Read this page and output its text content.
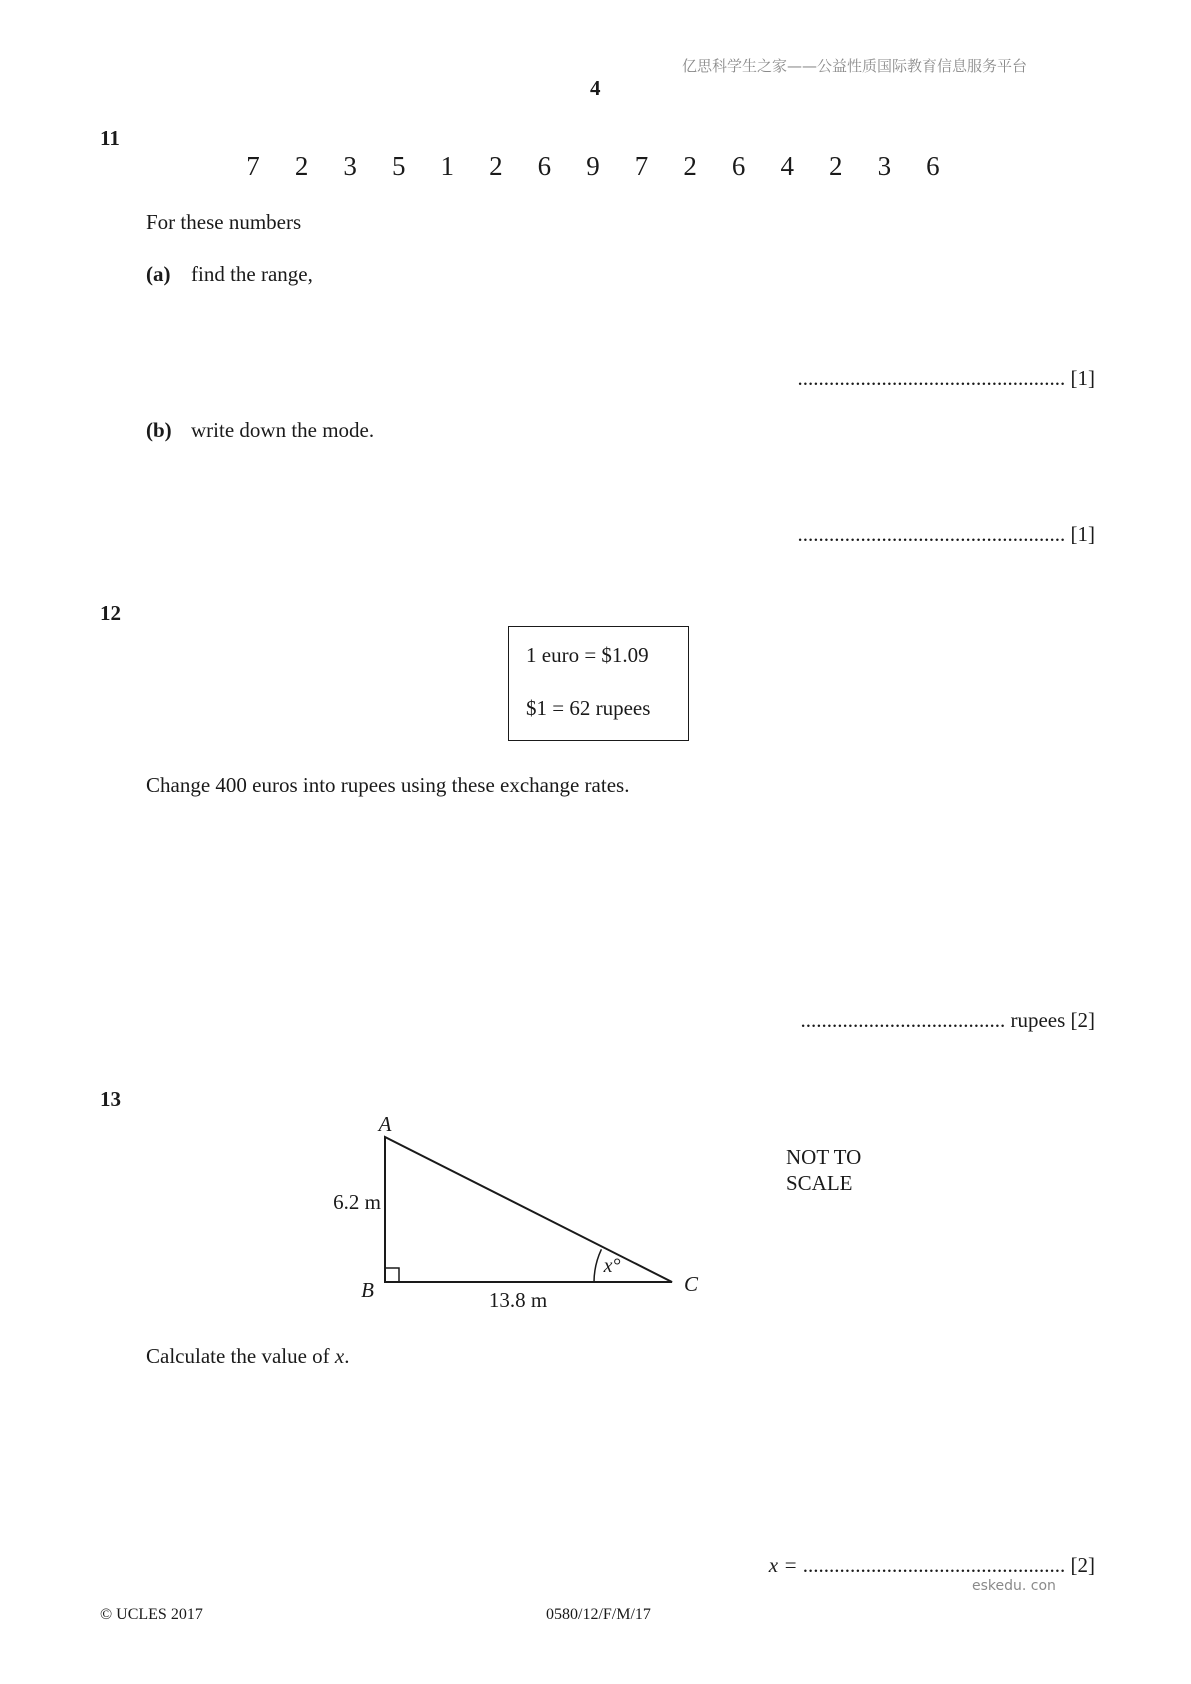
亿思科学生之家——公益性质国际教育信息服务平台
4
11
7 2 3 5 1 2 6 9 7 2 6 4 2 3 6
For these numbers
(a) find the range,
................................................... [1]
(b) write down the mode.
................................................... [1]
12
1 euro = $1.09
$1 = 62 rupees
Change 400 euros into rupees using these exchange rates.
....................................... rupees [2]
13
A
B	C
6.2 m
13.8 m
x°
NOT TO
SCALE
Calculate the value of x.
x = .................................................. [2]
eskedu. con
© UCLES 2017	0580/12/F/M/17
